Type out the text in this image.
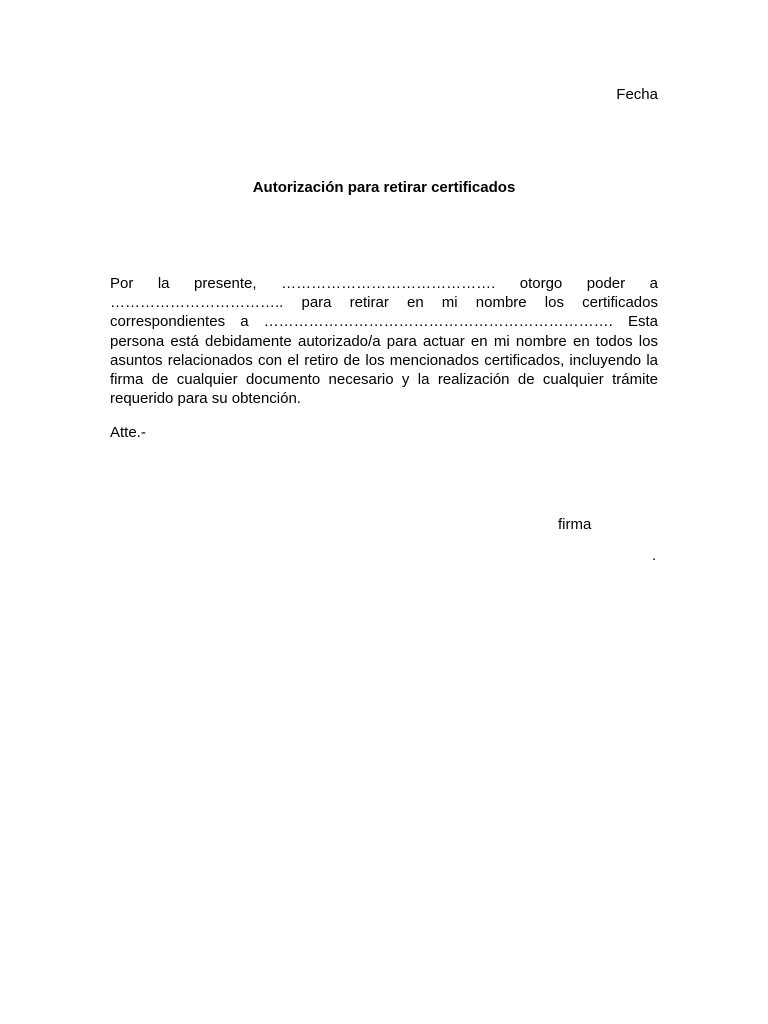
Fecha
Autorización para retirar certificados

Por la presente, ……………………………………. otorgo poder a …………………………….. para retirar en mi nombre los certificados correspondientes a ……………………………………………………………. Esta persona está debidamente autorizado/a para actuar en mi nombre en todos los asuntos relacionados con el retiro de los mencionados certificados, incluyendo la firma de cualquier documento necesario y la realización de cualquier trámite requerido para su obtención.

Atte.-
firma
.
